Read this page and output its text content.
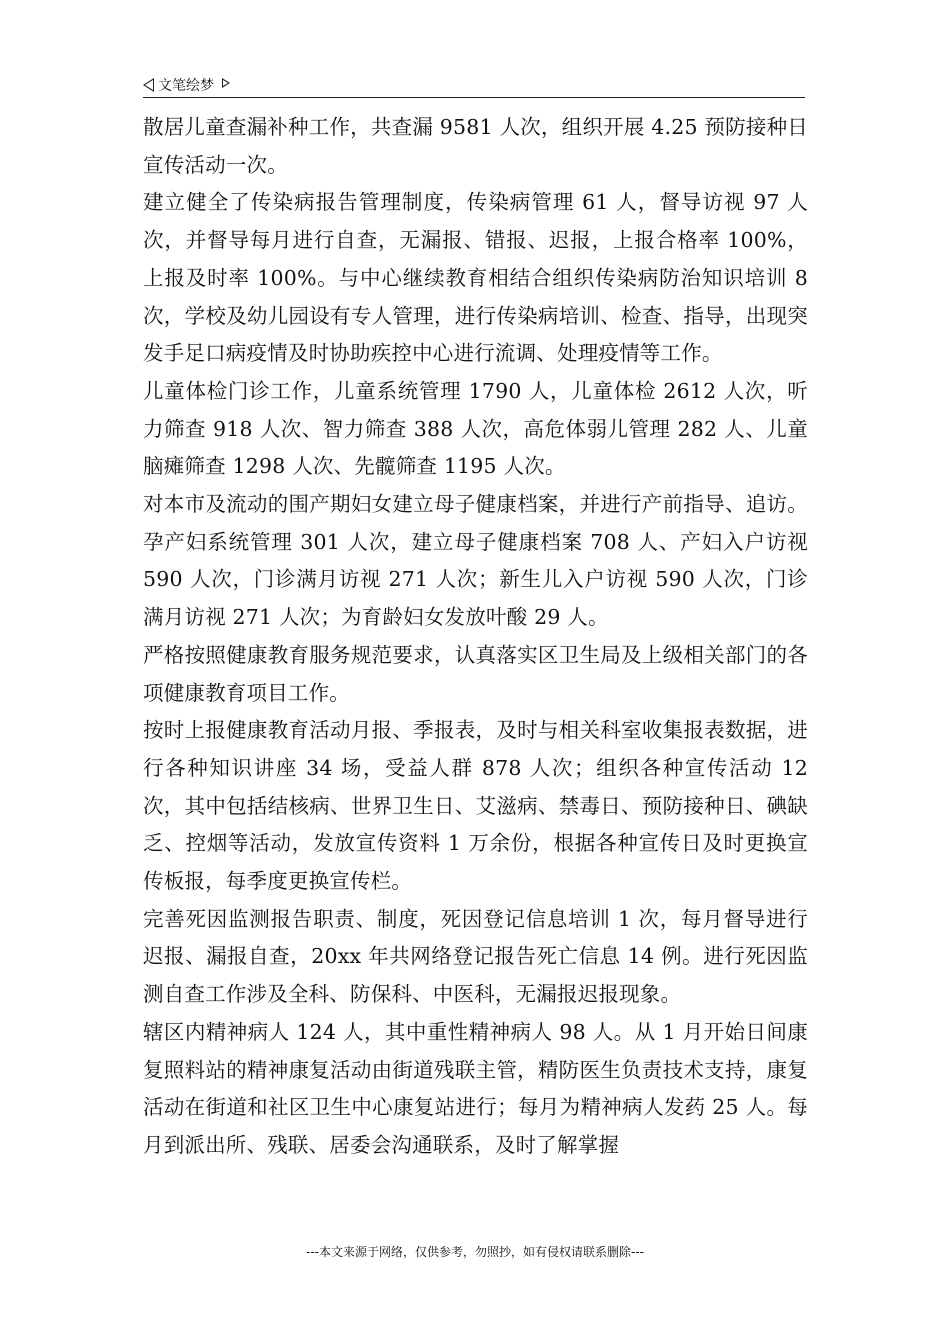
文笔绘梦

散居儿童查漏补种工作，共查漏 9581 人次，组织开展 4.25 预防接种日宣传活动一次。

建立健全了传染病报告管理制度，传染病管理 61 人，督导访视 97 人次，并督导每月进行自查，无漏报、错报、迟报，上报合格率 100%，上报及时率 100%。与中心继续教育相结合组织传染病防治知识培训 8 次，学校及幼儿园设有专人管理，进行传染病培训、检查、指导，出现突发手足口病疫情及时协助疾控中心进行流调、处理疫情等工作。

儿童体检门诊工作，儿童系统管理 1790 人，儿童体检 2612 人次，听力筛查 918 人次、智力筛查 388 人次，高危体弱儿管理 282 人、儿童脑瘫筛查 1298 人次、先髋筛查 1195 人次。

对本市及流动的围产期妇女建立母子健康档案，并进行产前指导、追访。孕产妇系统管理 301 人次，建立母子健康档案 708 人、产妇入户访视 590 人次，门诊满月访视 271 人次；新生儿入户访视 590 人次，门诊满月访视 271 人次；为育龄妇女发放叶酸 29 人。

严格按照健康教育服务规范要求，认真落实区卫生局及上级相关部门的各项健康教育项目工作。

按时上报健康教育活动月报、季报表，及时与相关科室收集报表数据，进行各种知识讲座 34 场，受益人群 878 人次；组织各种宣传活动 12 次，其中包括结核病、世界卫生日、艾滋病、禁毒日、预防接种日、碘缺乏、控烟等活动，发放宣传资料 1 万余份，根据各种宣传日及时更换宣传板报，每季度更换宣传栏。

完善死因监测报告职责、制度，死因登记信息培训 1 次，每月督导进行迟报、漏报自查，20xx 年共网络登记报告死亡信息 14 例。进行死因监测自查工作涉及全科、防保科、中医科，无漏报迟报现象。

辖区内精神病人 124 人，其中重性精神病人 98 人。从 1 月开始日间康复照料站的精神康复活动由街道残联主管，精防医生负责技术支持，康复活动在街道和社区卫生中心康复站进行；每月为精神病人发药 25 人。每月到派出所、残联、居委会沟通联系，及时了解掌握

---本文来源于网络，仅供参考，勿照抄，如有侵权请联系删除---
